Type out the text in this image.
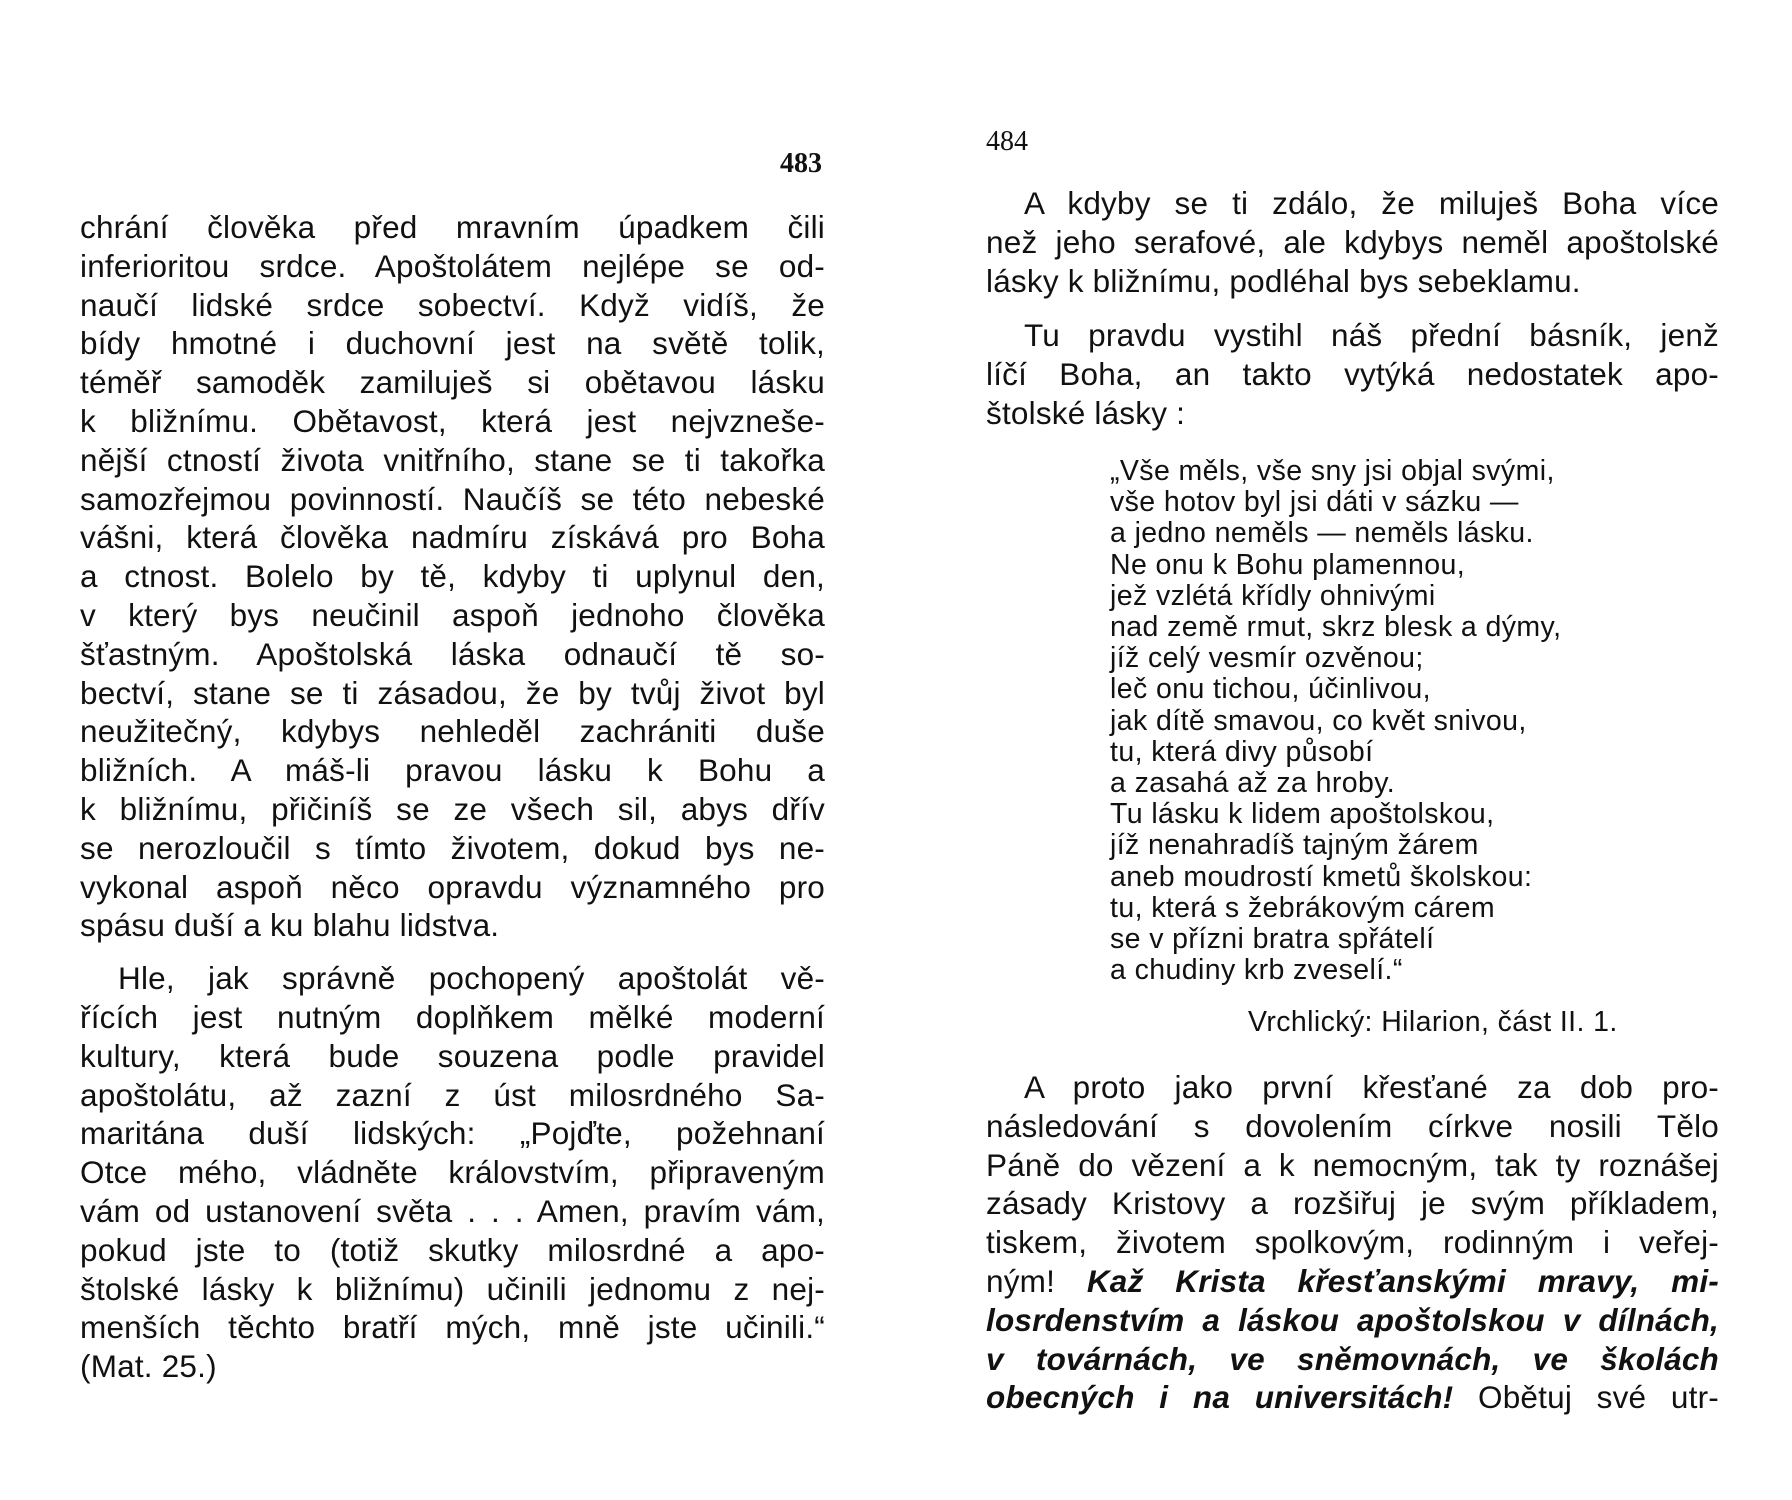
483

chrání člověka před mravním úpadkem čili
inferioritou srdce. Apoštolátem nejlépe se od-
naučí lidské srdce sobectví. Když vidíš, že
bídy hmotné i duchovní jest na světě tolik,
téměř samoděk zamiluješ si obětavou lásku
k bližnímu. Obětavost, která jest nejvzneše-
nější ctností života vnitřního, stane se ti takořka
samozřejmou povinností. Naučíš se této nebeské
vášni, která člověka nadmíru získává pro Boha
a ctnost. Bolelo by tě, kdyby ti uplynul den,
v který bys neučinil aspoň jednoho člověka
šťastným. Apoštolská láska odnaučí tě so-
bectví, stane se ti zásadou, že by tvůj život byl
neužitečný, kdybys nehleděl zachrániti duše
bližních. A máš-li pravou lásku k Bohu a
k bližnímu, přičiníš se ze všech sil, abys dřív
se nerozloučil s tímto životem, dokud bys ne-
vykonal aspoň něco opravdu významného pro
spásu duší a ku blahu lidstva.

Hle, jak správně pochopený apoštolát vě-
řících jest nutným doplňkem mělké moderní
kultury, která bude souzena podle pravidel
apoštolátu, až zazní z úst milosrdného Sa-
maritána duší lidských: „Pojďte, požehnaní
Otce mého, vládněte královstvím, připraveným
vám od ustanovení světa . . . Amen, pravím vám,
pokud jste to (totiž skutky milosrdné a apo-
štolské lásky k bližnímu) učinili jednomu z nej-
menších těchto bratří mých, mně jste učinili.“
(Mat. 25.)

484
A kdyby se ti zdálo, že miluješ Boha více
než jeho serafové, ale kdybys neměl apoštolské
lásky k bližnímu, podléhal bys sebeklamu.
Tu pravdu vystihl náš přední básník, jenž
líčí Boha, an takto vytýká nedostatek apo-
štolské lásky :
„Vše měls, vše sny jsi objal svými,
vše hotov byl jsi dáti v sázku —
a jedno neměls — neměls lásku.
Ne onu k Bohu plamennou,
jež vzlétá křídly ohnivými
nad země rmut, skrz blesk a dýmy,
jíž celý vesmír ozvěnou;
leč onu tichou, účinlivou,
jak dítě smavou, co květ snivou,
tu, která divy působí
a zasahá až za hroby.
Tu lásku k lidem apoštolskou,
jíž nenahradíš tajným žárem
aneb moudrostí kmetů školskou:
tu, která s žebrákovým cárem
se v přízni bratra spřátelí
a chudiny krb zveselí.“
Vrchlický: Hilarion, část II. 1.
A proto jako první křesťané za dob pro-
následování s dovolením církve nosili Tělo
Páně do vězení a k nemocným, tak ty roznášej
zásady Kristovy a rozšiřuj je svým příkladem,
tiskem, životem spolkovým, rodinným i veřej-
ným! Kaž Krista křesťanskými mravy, mi-
losrdenstvím a láskou apoštolskou v dílnách,
v továrnách, ve sněmovnách, ve školách
obecných i na universitách! Obětuj své utr-
